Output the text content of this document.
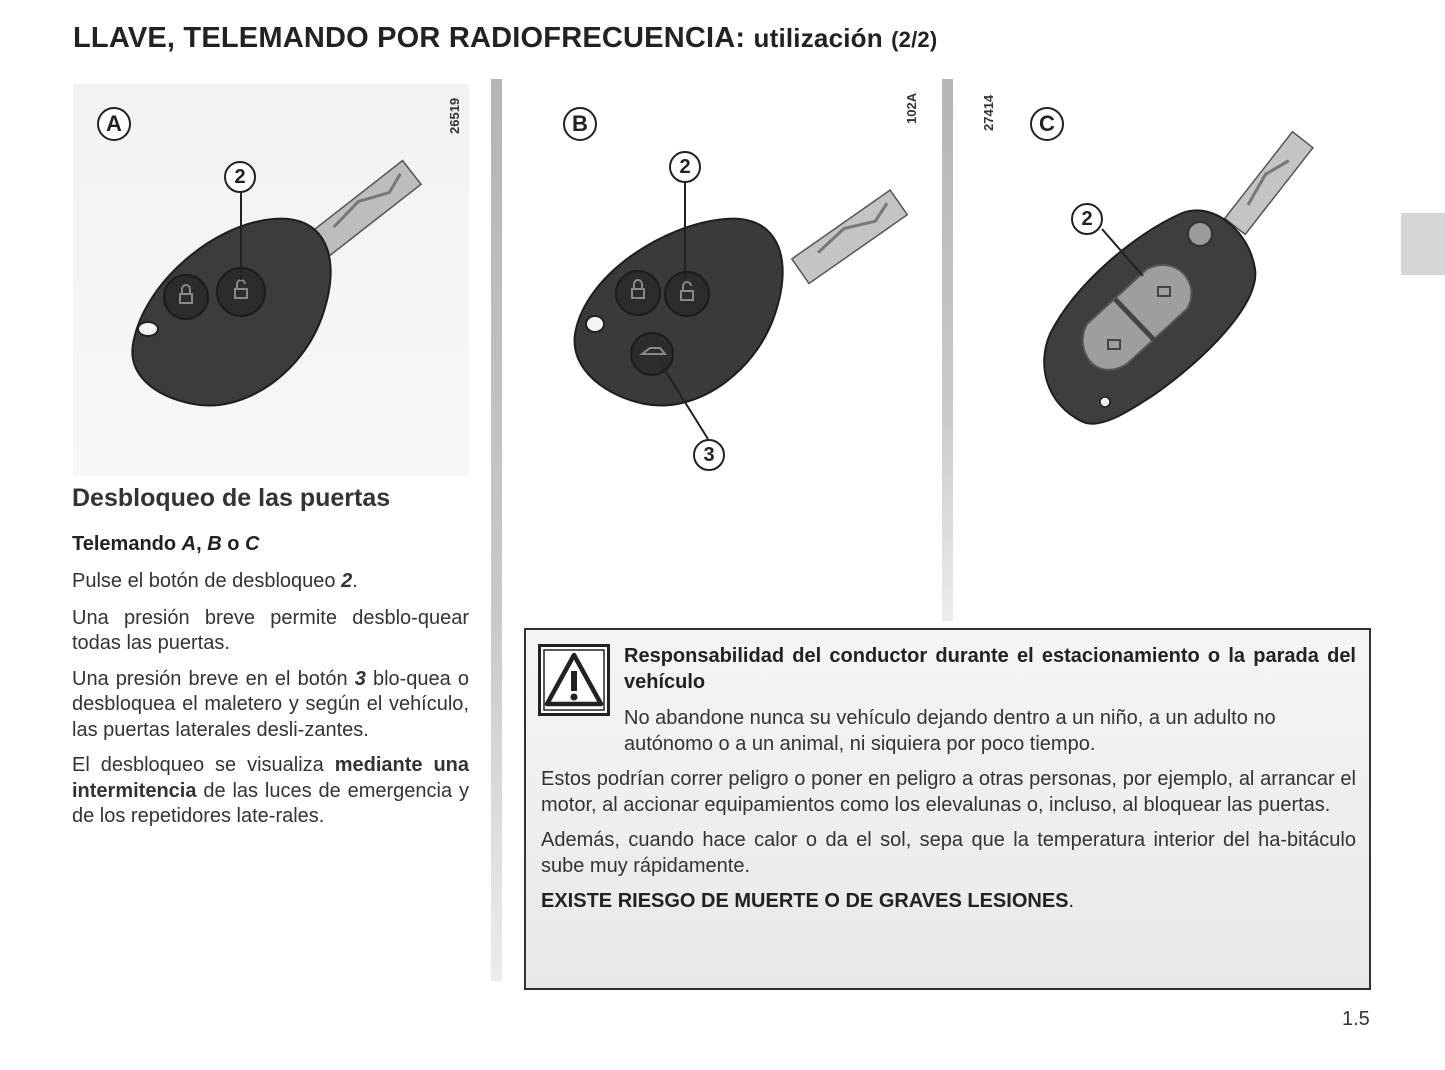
LLAVE, TELEMANDO POR RADIOFRECUENCIA: utilización (2/2)
A	26519
2
B	102A
2
3
C
27414
2
Desbloqueo de las puertas
Telemando A, B o C

Pulse el botón de desbloqueo 2.

Una presión breve permite desblo-quear todas las puertas.

Una presión breve en el botón 3 blo-quea o desbloquea el maletero y según el vehículo, las puertas laterales desli-zantes.

El desbloqueo se visualiza mediante una intermitencia de las luces de emergencia y de los repetidores late-rales.

Responsabilidad del conductor durante el estacionamiento o la parada del vehículo

No abandone nunca su vehículo dejando dentro a un niño, a un adulto no autónomo o a un animal, ni siquiera por poco tiempo.

Estos podrían correr peligro o poner en peligro a otras personas, por ejemplo, al arrancar el motor, al accionar equipamientos como los elevalunas o, incluso, al bloquear las puertas.

Además, cuando hace calor o da el sol, sepa que la temperatura interior del ha-bitáculo sube muy rápidamente.

EXISTE RIESGO DE MUERTE O DE GRAVES LESIONES.

1.5
